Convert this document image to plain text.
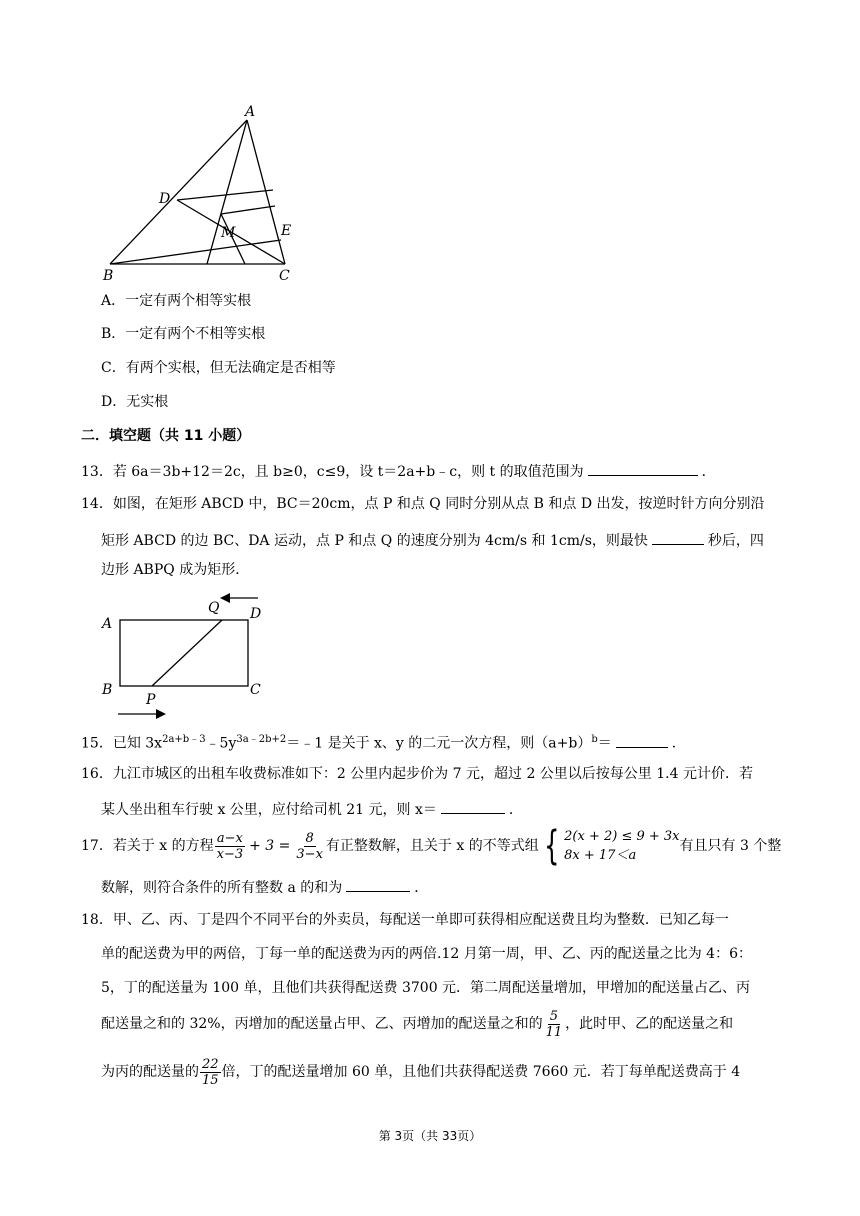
A
B	C
D
E
M
A．一定有两个相等实根
B．一定有两个不相等实根
C．有两个实根，但无法确定是否相等
D．无实根
二．填空题（共 11 小题）
13．若 6a＝3b+12＝2c，且 b≥0，c≤9，设 t＝2a+b﹣c，则 t 的取值范围为	．
14．如图，在矩形 ABCD 中，BC＝20cm，点 P 和点 Q 同时分别从点 B 和点 D 出发，按逆时针方向分别沿
矩形 ABCD 的边 BC、DA 运动，点 P 和点 Q 的速度分别为 4cm/s 和 1cm/s，则最快	秒后，四
边形 ABPQ 成为矩形．
A
D
B	C
Q
P
15．已知 $3x^{2a+b﹣3}﹣5y^{3a﹣2b+2}=﹣1$ 是关于 x、y 的二元一次方程，则$(a+b)^b=$	．
16．九江市城区的出租车收费标准如下：2 公里内起步价为 7 元，超过 2 公里以后按每公里 1.4 元计价．若
某人坐出租车行驶 x 公里，应付给司机 21 元，则 x＝	．
17．若关于 x 的方程 $\frac{a-x}{x-3} + 3 = \frac{8}{3-x}$ 有正整数解，且关于 x 的不等式组 { 2(x + 2) ≤ 9 + 3x
8x + 17＜a
有且只有 3 个整
数解，则符合条件的所有整数 a 的和为	．
18．甲、乙、丙、丁是四个不同平台的外卖员，每配送一单即可获得相应配送费且均为整数．已知乙每一
单的配送费为甲的两倍，丁每一单的配送费为丙的两倍.12 月第一周，甲、乙、丙的配送量之比为 4：6：
5，丁的配送量为 100 单，且他们共获得配送费 3700 元．第二周配送量增加，甲增加的配送量占乙、丙
配送量之和的 32%，丙增加的配送量占甲、乙、丙增加的配送量之和的 $\frac{5}{11}$ ，此时甲、乙的配送量之和
为丙的配送量的 $\frac{22}{15}$ 倍，丁的配送量增加 60 单，且他们共获得配送费 7660 元．若丁每单配送费高于 4
第 3页（共 33页）
